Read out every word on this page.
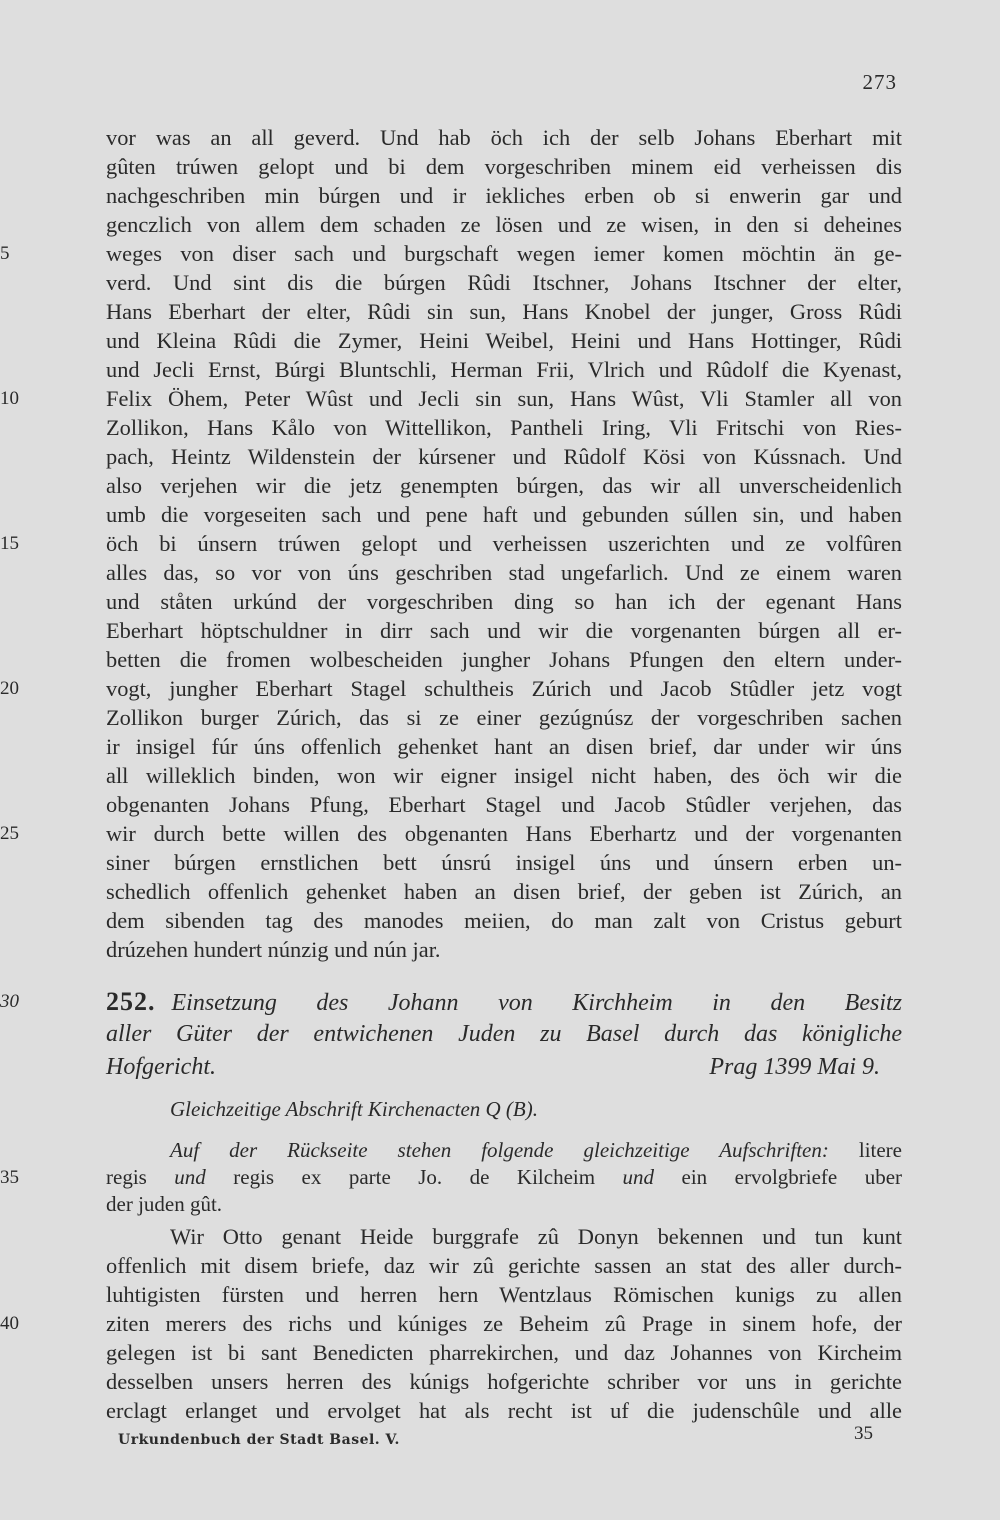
273
vor was an all geverd. Und hab öch ich der selb Johans Eberhart mit
gûten trúwen gelopt und bi dem vorgeschriben minem eid verheissen dis
nachgeschriben min búrgen und ir iekliches erben ob si enwerin gar und
genczlich von allem dem schaden ze lösen und ze wisen, in den si deheines
5	weges von diser sach und burgschaft wegen iemer komen möchtin än ge-
verd. Und sint dis die búrgen Rûdi Itschner, Johans Itschner der elter,
Hans Eberhart der elter, Rûdi sin sun, Hans Knobel der junger, Gross Rûdi
und Kleina Rûdi die Zymer, Heini Weibel, Heini und Hans Hottinger, Rûdi
und Jecli Ernst, Búrgi Bluntschli, Herman Frii, Vlrich und Rûdolf die Kyenast,
10	Felix Öhem, Peter Wûst und Jecli sin sun, Hans Wûst, Vli Stamler all von
Zollikon, Hans Kålo von Wittellikon, Pantheli Iring, Vli Fritschi von Ries-
pach, Heintz Wildenstein der kúrsener und Rûdolf Kösi von Kússnach. Und
also verjehen wir die jetz genempten búrgen, das wir all unverscheidenlich
umb die vorgeseiten sach und pene haft und gebunden súllen sin, und haben
15	öch bi únsern trúwen gelopt und verheissen uszerichten und ze volfûren
alles das, so vor von úns geschriben stad ungefarlich. Und ze einem waren
und ståten urkúnd der vorgeschriben ding so han ich der egenant Hans
Eberhart höptschuldner in dirr sach und wir die vorgenanten búrgen all er-
betten die fromen wolbescheiden jungher Johans Pfungen den eltern under-
20	vogt, jungher Eberhart Stagel schultheis Zúrich und Jacob Stûdler jetz vogt
Zollikon burger Zúrich, das si ze einer gezúgnúsz der vorgeschriben sachen
ir insigel fúr úns offenlich gehenket hant an disen brief, dar under wir úns
all willeklich binden, won wir eigner insigel nicht haben, des öch wir die
obgenanten Johans Pfung, Eberhart Stagel und Jacob Stûdler verjehen, das
25	wir durch bette willen des obgenanten Hans Eberhartz und der vorgenanten
siner búrgen ernstlichen bett únsrú insigel úns und únsern erben un-
schedlich offenlich gehenket haben an disen brief, der geben ist Zúrich, an
dem sibenden tag des manodes meiien, do man zalt von Cristus geburt
drúzehen hundert núnzig und nún jar.
30	252. Einsetzung des Johann von Kirchheim in den Besitz
aller Güter der entwichenen Juden zu Basel durch das königliche
Hofgericht.	Prag 1399 Mai 9.
Gleichzeitige Abschrift Kirchenacten Q (B).
Auf der Rückseite stehen folgende gleichzeitige Aufschriften: litere
35	regis und regis ex parte Jo. de Kilcheim und ein ervolgbriefe uber
der juden gût.
Wir Otto genant Heide burggrafe zû Donyn bekennen und tun kunt
offenlich mit disem briefe, daz wir zû gerichte sassen an stat des aller durch-
luhtigisten fürsten und herren hern Wentzlaus Römischen kunigs zu allen
40	ziten merers des richs und kúniges ze Beheim zû Prage in sinem hofe, der
gelegen ist bi sant Benedicten pharrekirchen, und daz Johannes von Kircheim
desselben unsers herren des kúnigs hofgerichte schriber vor uns in gerichte
erclagt erlanget und ervolget hat als recht ist uf die judenschûle und alle
Urkundenbuch der Stadt Basel. V.	35
